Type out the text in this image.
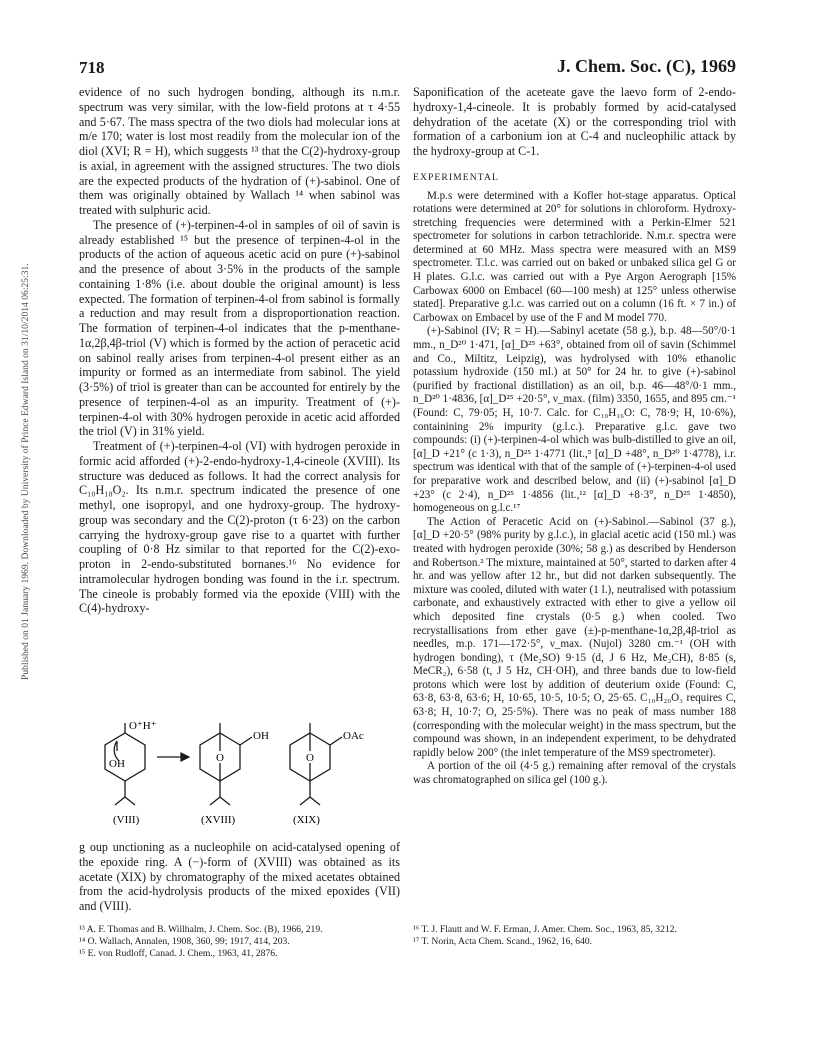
718	J. Chem. Soc. (C), 1969
Published on 01 January 1969. Downloaded by University of Prince Edward Island on 31/10/2014 06:25:31.

evidence of no such hydrogen bonding, although its n.m.r. spectrum was very similar, with the low-field protons at τ 4·55 and 5·67. The mass spectra of the two diols had molecular ions at m/e 170; water is lost most readily from the molecular ion of the diol (XVI; R = H), which suggests ¹³ that the C(2)-hydroxy-group is axial, in agreement with the assigned structures. The two diols are the expected products of the hydration of (+)-sabinol. One of them was originally obtained by Wallach ¹⁴ when sabinol was treated with sulphuric acid.

The presence of (+)-terpinen-4-ol in samples of oil of savin is already established ¹⁵ but the presence of terpinen-4-ol in the products of the action of aqueous acetic acid on pure (+)-sabinol and the presence of about 3·5% in the products of the sample containing 1·8% (i.e. about double the original amount) is less expected. The formation of terpinen-4-ol from sabinol is formally a reduction and may result from a disproportionation reaction. The formation of terpinen-4-ol indicates that the p-menthane-1α,2β,4β-triol (V) which is formed by the action of peracetic acid on sabinol really arises from terpinen-4-ol present either as an impurity or formed as an intermediate from sabinol. The yield (3·5%) of triol is greater than can be accounted for entirely by the presence of terpinen-4-ol as an impurity. Treatment of (+)-terpinen-4-ol with 30% hydrogen peroxide in acetic acid afforded the triol (V) in 31% yield.

Treatment of (+)-terpinen-4-ol (VI) with hydrogen peroxide in formic acid afforded (+)-2-endo-hydroxy-1,4-cineole (XVIII). Its structure was deduced as follows. It had the correct analysis for C₁₀H₁₈O₂. Its n.m.r. spectrum indicated the presence of one methyl, one isopropyl, and one hydroxy-group. The hydroxy-group was secondary and the C(2)-proton (τ 6·23) on the carbon carrying the hydroxy-group gave rise to a quartet with further coupling of 0·8 Hz similar to that reported for the C(2)-exo-proton in 2-endo-substituted bornanes.¹⁶ No evidence for intramolecular hydrogen bonding was found in the i.r. spectrum. The cineole is probably formed via the epoxide (VIII) with the C(4)-hydroxy-

O⁺H⁺
OH
(VIII)
O
OH
(XVIII)
O
OAc
(XIX)

g oup unctioning as a nucleophile on acid-catalysed opening of the epoxide ring. A (−)-form of (XVIII) was obtained as its acetate (XIX) by chromatography of the mixed acetates obtained from the acid-hydrolysis products of the mixed epoxides (VII) and (VIII).

¹³ A. F. Thomas and B. Willhalm, J. Chem. Soc. (B), 1966, 219.

¹⁴ O. Wallach, Annalen, 1908, 360, 99; 1917, 414, 203.

¹⁵ E. von Rudloff, Canad. J. Chem., 1963, 41, 2876.

Saponification of the aceteate gave the laevo form of 2-endo-hydroxy-1,4-cineole. It is probably formed by acid-catalysed dehydration of the acetate (X) or the corresponding triol with formation of a carbonium ion at C-4 and nucleophilic attack by the hydroxy-group at C-1.

EXPERIMENTAL

M.p.s were determined with a Kofler hot-stage apparatus. Optical rotations were determined at 20° for solutions in chloroform. Hydroxy-stretching frequencies were determined with a Perkin-Elmer 521 spectrometer for solutions in carbon tetrachloride. N.m.r. spectra were determined at 60 MHz. Mass spectra were measured with an MS9 spectrometer. T.l.c. was carried out on baked or unbaked silica gel G or H plates. G.l.c. was carried out with a Pye Argon Aerograph [15% Carbowax 6000 on Embacel (60—100 mesh) at 125° unless otherwise stated]. Preparative g.l.c. was carried out on a column (16 ft. × 7 in.) of Carbowax on Embacel by use of the F and M model 770.

(+)-Sabinol (IV; R = H).—Sabinyl acetate (58 g.), b.p. 48—50°/0·1 mm., n_D²⁰ 1·471, [α]_D²⁵ +63°, obtained from oil of savin (Schimmel and Co., Miltitz, Leipzig), was hydrolysed with 10% ethanolic potassium hydroxide (150 ml.) at 50° for 24 hr. to give (+)-sabinol (purified by fractional distillation) as an oil, b.p. 46—48°/0·1 mm., n_D²⁰ 1·4836, [α]_D²⁵ +20·5°, ν_max. (film) 3350, 1655, and 895 cm.⁻¹ (Found: C, 79·05; H, 10·7. Calc. for C₁₀H₁₆O: C, 78·9; H, 10·6%), containining 2% impurity (g.l.c.). Preparative g.l.c. gave two compounds: (i) (+)-terpinen-4-ol which was bulb-distilled to give an oil, [α]_D +21° (c 1·3), n_D²⁵ 1·4771 (lit.,⁵ [α]_D +48°, n_D²⁰ 1·4778), i.r. spectrum was identical with that of the sample of (+)-terpinen-4-ol used for preparative work and described below, and (ii) (+)-sabinol [α]_D +23° (c 2·4), n_D²⁵ 1·4856 (lit.,¹² [α]_D +8·3°, n_D²⁵ 1·4850), homogeneous on g.l.c.¹⁷

The Action of Peracetic Acid on (+)-Sabinol.—Sabinol (37 g.), [α]_D +20·5° (98% purity by g.l.c.), in glacial acetic acid (150 ml.) was treated with hydrogen peroxide (30%; 58 g.) as described by Henderson and Robertson.² The mixture, maintained at 50°, started to darken after 4 hr. and was yellow after 12 hr., but did not darken subsequently. The mixture was cooled, diluted with water (1 l.), neutralised with potassium carbonate, and exhaustively extracted with ether to give a yellow oil which deposited fine crystals (0·5 g.) when cooled. Two recrystallisations from ether gave (±)-p-menthane-1α,2β,4β-triol as needles, m.p. 171—172·5°, ν_max. (Nujol) 3280 cm.⁻¹ (OH with hydrogen bonding), τ (Me₂SO) 9·15 (d, J 6 Hz, Me₂CH), 8·85 (s, MeCR₂), 6·58 (t, J 5 Hz, CH·OH), and three bands due to low-field protons which were lost by addition of deuterium oxide (Found: C, 63·8, 63·8, 63·6; H, 10·65, 10·5, 10·5; O, 25·65. C₁₀H₂₀O₃ requires C, 63·8; H, 10·7; O, 25·5%). There was no peak of mass number 188 (corresponding with the molecular weight) in the mass spectrum, but the compound was shown, in an independent experiment, to be dehydrated rapidly below 200° (the inlet temperature of the MS9 spectrometer).

A portion of the oil (4·5 g.) remaining after removal of the crystals was chromatographed on silica gel (100 g.).

¹⁶ T. J. Flautt and W. F. Erman, J. Amer. Chem. Soc., 1963, 85, 3212.

¹⁷ T. Norin, Acta Chem. Scand., 1962, 16, 640.
